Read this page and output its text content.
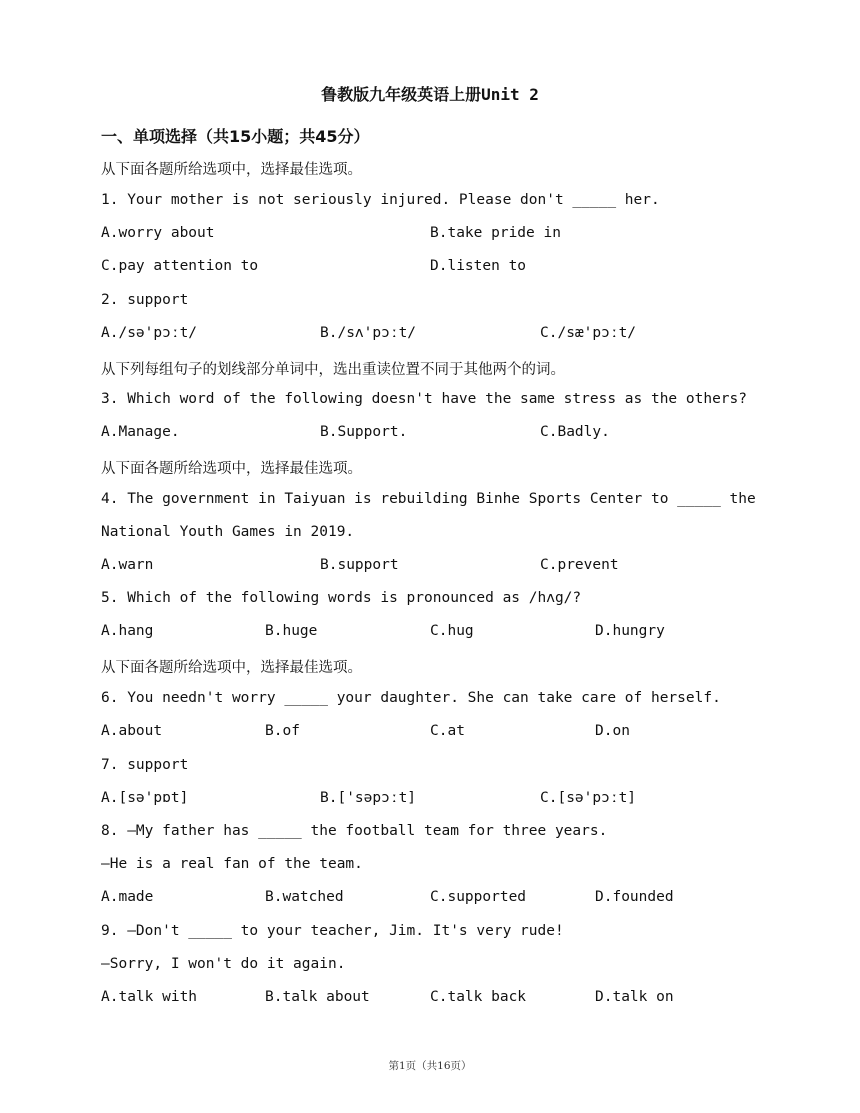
鲁教版九年级英语上册Unit 2
一、单项选择（共15小题；共45分）
从下面各题所给选项中，选择最佳选项。
1. Your mother is not seriously injured. Please don't _____ her.
A.worry about	B.take pride in
C.pay attention to	D.listen to
2. support
A./sə'pɔːt/	B./sʌ'pɔːt/	C./sæ'pɔːt/
从下列每组句子的划线部分单词中，选出重读位置不同于其他两个的词。
3. Which word of the following doesn't have the same stress as the others?
A.Manage.	B.Support.	C.Badly.
从下面各题所给选项中，选择最佳选项。
4. The government in Taiyuan is rebuilding Binhe Sports Center to _____ the
National Youth Games in 2019.
A.warn	B.support	C.prevent
5. Which of the following words is pronounced as /hʌg/?
A.hang	B.huge	C.hug	D.hungry
从下面各题所给选项中，选择最佳选项。
6. You needn't worry _____ your daughter. She can take care of herself.
A.about	B.of	C.at	D.on
7. support
A.[sə'pɒt]	B.['səpɔːt]	C.[sə'pɔːt]
8. —My father has _____ the football team for three years.
—He is a real fan of the team.
A.made	B.watched	C.supported	D.founded
9. —Don't _____ to your teacher, Jim. It's very rude!
—Sorry, I won't do it again.
A.talk with	B.talk about	C.talk back	D.talk on
第1页（共16页）
